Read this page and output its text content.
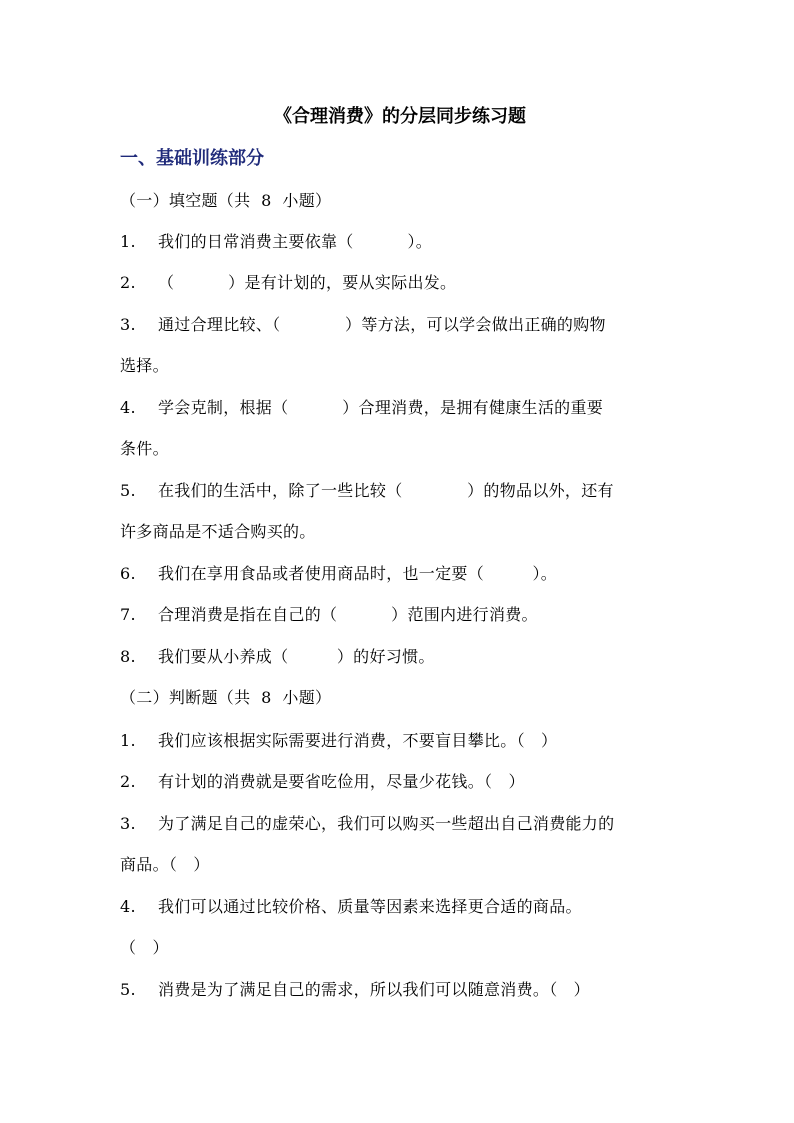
《合理消费》的分层同步练习题
一、基础训练部分
（一）填空题（共  8  小题）
1. 我们的日常消费主要依靠（          ）。
2. （          ）是有计划的，要从实际出发。
3. 通过合理比较、（            ）等方法，可以学会做出正确的购物
选择。
4. 学会克制，根据（          ）合理消费，是拥有健康生活的重要
条件。
5. 在我们的生活中，除了一些比较（            ）的物品以外，还有
许多商品是不适合购买的。
6. 我们在享用食品或者使用商品时，也一定要（         ）。
7. 合理消费是指在自己的（          ）范围内进行消费。
8. 我们要从小养成（         ）的好习惯。
（二）判断题（共  8  小题）
1. 我们应该根据实际需要进行消费，不要盲目攀比。（   ）
2. 有计划的消费就是要省吃俭用，尽量少花钱。（   ）
3. 为了满足自己的虚荣心，我们可以购买一些超出自己消费能力的
商品。（   ）
4. 我们可以通过比较价格、质量等因素来选择更合适的商品。
（   ）
5. 消费是为了满足自己的需求，所以我们可以随意消费。（   ）
